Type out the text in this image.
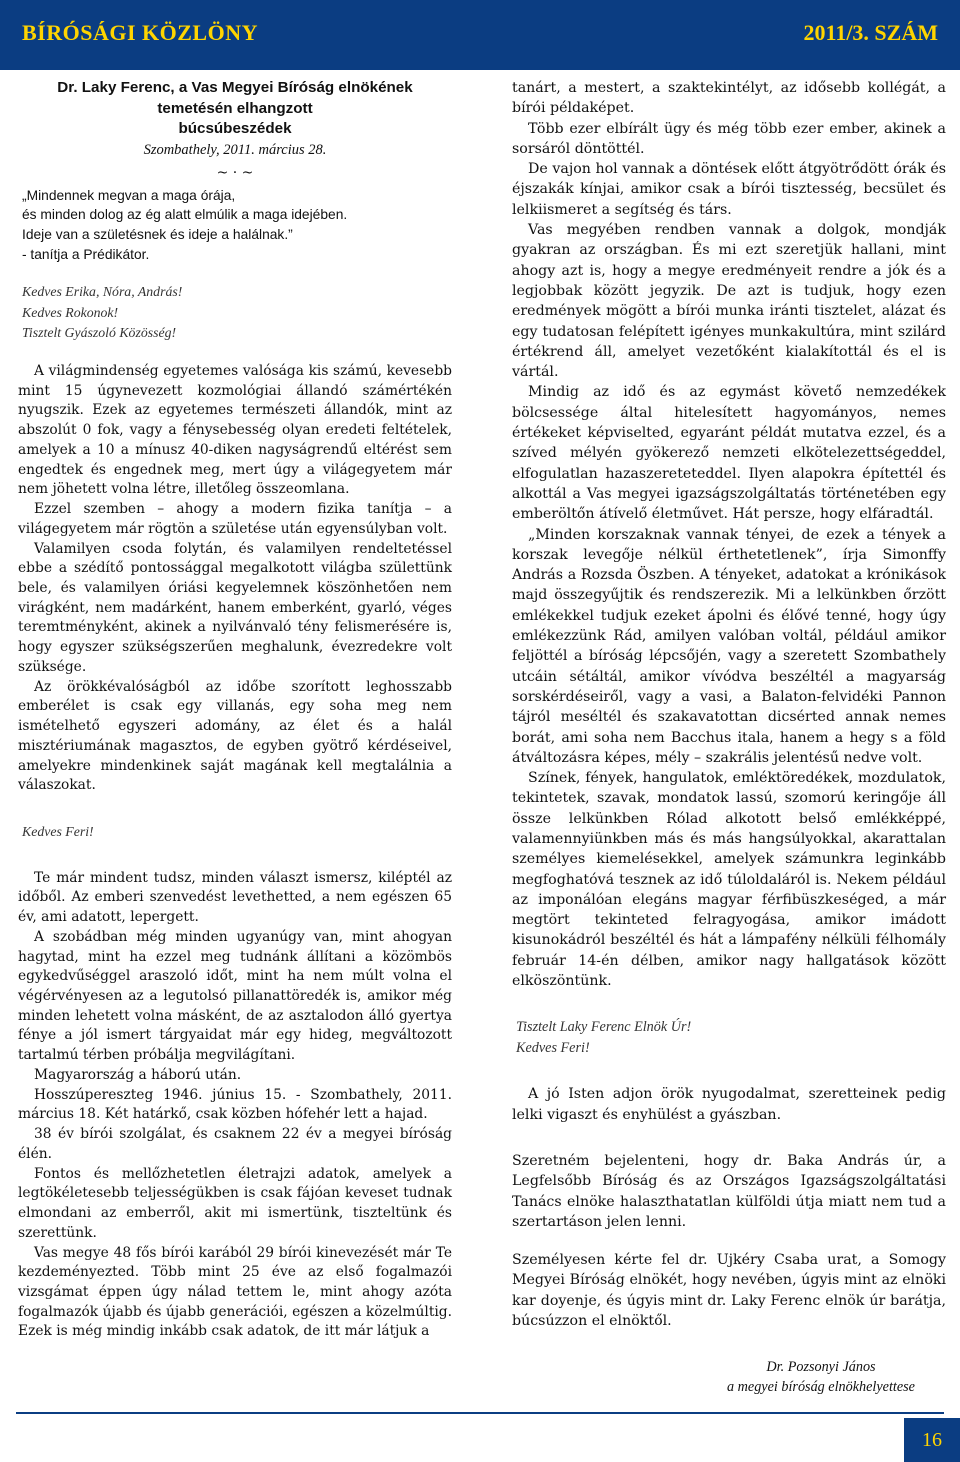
BÍRÓSÁGI KÖZLÖNY	2011/3. SZÁM
Dr. Laky Ferenc, a Vas Megyei Bíróság elnökének
temetésén elhangzott
búcsúbeszédek
Szombathely, 2011. március 28.
~ · ~
„Mindennek megvan a maga órája,
és minden dolog az ég alatt elmúlik a maga idejében.
Ideje van a születésnek és ideje a halálnak.”
- tanítja a Prédikátor.
Kedves Erika, Nóra, András!
Kedves Rokonok!
Tisztelt Gyászoló Közösség!

A világmindenség egyetemes valósága kis számú, kevesebb mint 15 úgynevezett kozmológiai állandó számértékén nyugszik. Ezek az egyetemes természeti állandók, mint az abszolút 0 fok, vagy a fénysebesség olyan eredeti feltételek, amelyek a 10 a mínusz 40-diken nagyságrendű eltérést sem engedtek és engednek meg, mert úgy a világegyetem már nem jöhetett volna létre, illetőleg összeomlana.

Ezzel szemben – ahogy a modern fizika tanítja – a világegyetem már rögtön a születése után egyensúlyban volt.

Valamilyen csoda folytán, és valamilyen rendeltetéssel ebbe a szédítő pontossággal megalkotott világba születtünk bele, és valamilyen óriási kegyelemnek köszönhetően nem virágként, nem madárként, hanem emberként, gyarló, véges teremtményként, akinek a nyilvánvaló tény felismerésére is, hogy egyszer szükségszerűen meghalunk, évezredekre volt szüksége.

Az örökkévalóságból az időbe szorított leghosszabb emberélet is csak egy villanás, egy soha meg nem ismételhető egyszeri adomány, az élet és a halál misztériumának magasztos, de egyben gyötrő kérdéseivel, amelyekre mindenkinek saját magának kell megtalálnia a válaszokat.

Kedves Feri!

Te már mindent tudsz, minden választ ismersz, kiléptél az időből. Az emberi szenvedést levethetted, a nem egészen 65 év, ami adatott, lepergett.

A szobádban még minden ugyanúgy van, mint ahogyan hagytad, mint ha ezzel meg tudnánk állítani a közömbös egykedvűséggel araszoló időt, mint ha nem múlt volna el végérvényesen az a legutolsó pillanattöredék is, amikor még minden lehetett volna másként, de az asztalodon álló gyertya fénye a jól ismert tárgyaidat már egy hideg, megváltozott tartalmú térben próbálja megvilágítani.

Magyarország a háború után.

Hosszúpereszteg 1946. június 15. - Szombathely, 2011. március 18. Két határkő, csak közben hófehér lett a hajad.

38 év bírói szolgálat, és csaknem 22 év a megyei bíróság élén.

Fontos és mellőzhetetlen életrajzi adatok, amelyek a legtökéletesebb teljességükben is csak fájóan keveset tudnak elmondani az emberről, akit mi ismertünk, tiszteltünk és szerettünk.

Vas megye 48 fős bírói karából 29 bírói kinevezését már Te kezdeményezted. Több mint 25 éve az első fogalmazói vizsgámat éppen úgy nálad tettem le, mint ahogy azóta fogalmazók újabb és újabb generációi, egészen a közelmúltig. Ezek is még mindig inkább csak adatok, de itt már látjuk a

tanárt, a mestert, a szaktekintélyt, az idősebb kollégát, a bírói példaképet.

Több ezer elbírált ügy és még több ezer ember, akinek a sorsáról döntöttél.

De vajon hol vannak a döntések előtt átgyötrődött órák és éjszakák kínjai, amikor csak a bírói tisztesség, becsület és lelkiismeret a segítség és társ.

Vas megyében rendben vannak a dolgok, mondják gyakran az országban. És mi ezt szeretjük hallani, mint ahogy azt is, hogy a megye eredményeit rendre a jók és a legjobbak között jegyzik. De azt is tudjuk, hogy ezen eredmények mögött a bírói munka iránti tisztelet, alázat és egy tudatosan felépített igényes munkakultúra, mint szilárd értékrend áll, amelyet vezetőként kialakítottál és el is vártál.

Mindig az idő és az egymást követő nemzedékek bölcsessége által hitelesített hagyományos, nemes értékeket képviselted, egyaránt példát mutatva ezzel, és a szíved mélyén gyökerező nemzeti elkötelezettségeddel, elfogulatlan hazaszereteteddel. Ilyen alapokra építettél és alkottál a Vas megyei igazságszolgáltatás történetében egy emberöltőn átívelő életművet. Hát persze, hogy elfáradtál.

„Minden korszaknak vannak tényei, de ezek a tények a korszak levegője nélkül érthetetlenek”, írja Simonffy András a Rozsda Öszben. A tényeket, adatokat a krónikások majd összegyűjtik és rendszerezik. Mi a lelkünkben őrzött emlékekkel tudjuk ezeket ápolni és élővé tenné, hogy úgy emlékezzünk Rád, amilyen valóban voltál, például amikor feljöttél a bíróság lépcsőjén, vagy a szeretett Szombathely utcáin sétáltál, amikor vívódva beszéltél a magyarság sorskérdéseiről, vagy a vasi, a Balaton-felvidéki Pannon tájról meséltél és szakavatottan dicsérted annak nemes borát, ami soha nem Bacchus itala, hanem a hegy s a föld átváltozásra képes, mély – szakrális jelentésű nedve volt.

Színek, fények, hangulatok, emléktöredékek, mozdulatok, tekintetek, szavak, mondatok lassú, szomorú keringője áll össze lelkünkben Rólad alkotott belső emlékképpé, valamennyiünkben más és más hangsúlyokkal, akarattalan személyes kiemelésekkel, amelyek számunkra leginkább megfoghatóvá tesznek az idő túloldaláról is. Nekem például az imponálóan elegáns magyar férfibüszkeséged, a már megtört tekinteted felragyogása, amikor imádott kisunokádról beszéltél és hát a lámpafény nélküli félhomály február 14-én délben, amikor nagy hallgatások között elköszöntünk.

Tisztelt Laky Ferenc Elnök Úr!
Kedves Feri!

A jó Isten adjon örök nyugodalmat, szeretteinek pedig lelki vigaszt és enyhülést a gyászban.

Szeretném bejelenteni, hogy dr. Baka András úr, a Legfelsőbb Bíróság és az Országos Igazságszolgáltatási Tanács elnöke halaszthatatlan külföldi útja miatt nem tud a szertartáson jelen lenni.

Személyesen kérte fel dr. Ujkéry Csaba urat, a Somogy Megyei Bíróság elnökét, hogy nevében, úgyis mint az elnöki kar doyenje, és úgyis mint dr. Laky Ferenc elnök úr barátja, búcsúzzon el elnöktől.

Dr. Pozsonyi János
a megyei bíróság elnökhelyettese
16
